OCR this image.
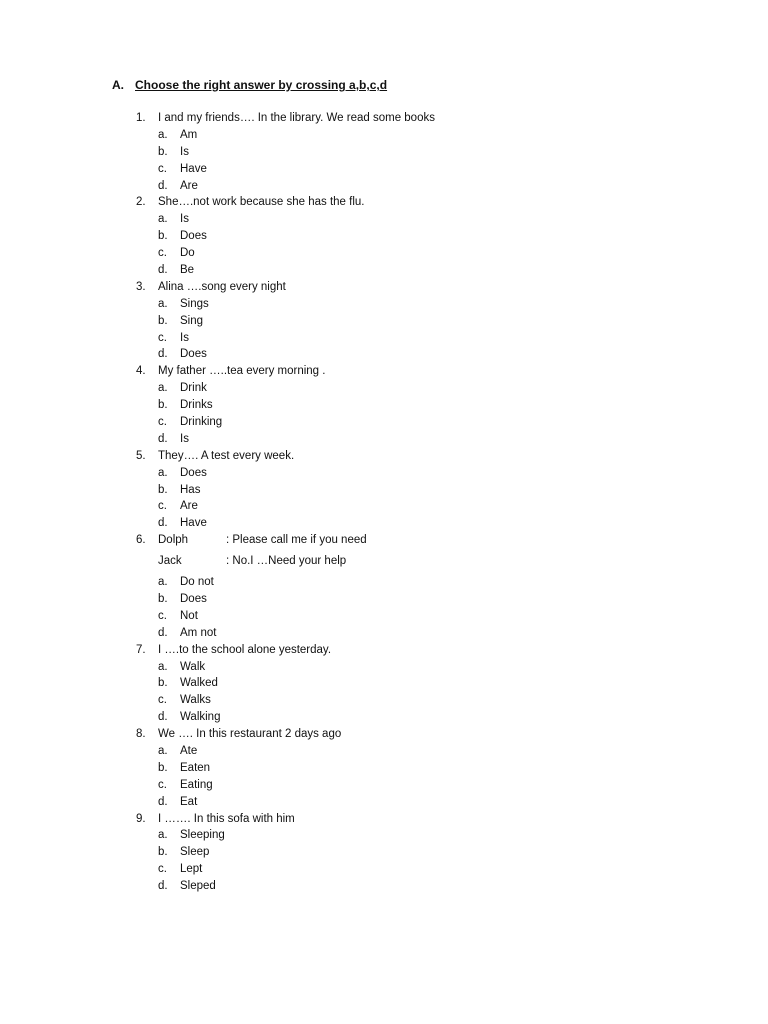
A. Choose the right answer by crossing a,b,c,d
1. I and my friends…. In the library. We read some books
a. Am
b. Is
c. Have
d. Are
2. She….not work because she has the flu.
a. Is
b. Does
c. Do
d. Be
3. Alina ….song every night
a. Sings
b. Sing
c. Is
d. Does
4. My father …..tea every morning .
a. Drink
b. Drinks
c. Drinking
d. Is
5. They…. A test every week.
a. Does
b. Has
c. Are
d. Have
6. Dolph	: Please call me if you need
Jack	: No.I …Need your help
a. Do not
b. Does
c. Not
d. Am not
7. I ….to the school alone yesterday.
a. Walk
b. Walked
c. Walks
d. Walking
8. We …. In this restaurant 2 days ago
a. Ate
b. Eaten
c. Eating
d. Eat
9. I ……. In this sofa with him
a. Sleeping
b. Sleep
c. Lept
d. Sleped
